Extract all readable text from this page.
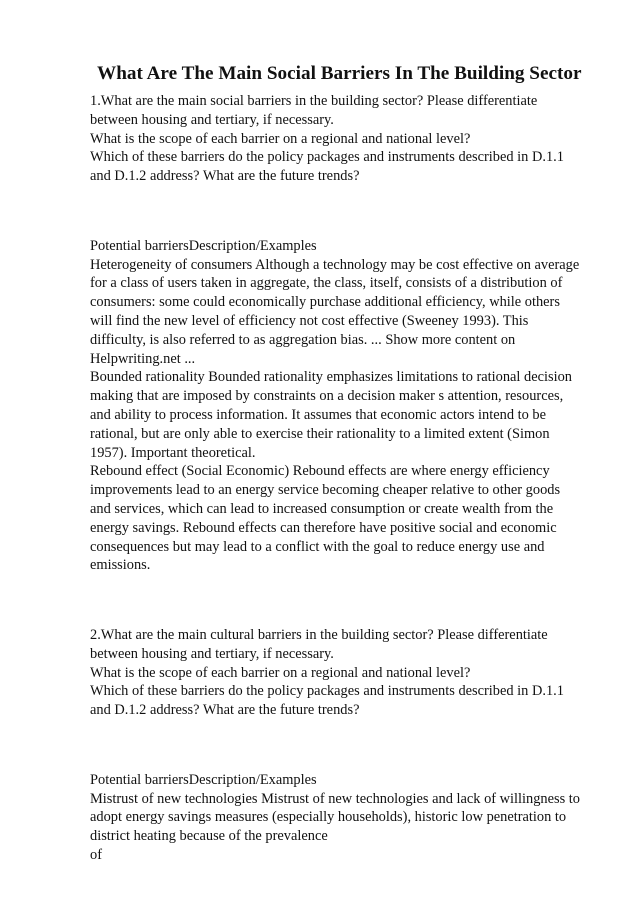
What Are The Main Social Barriers In The Building Sector

1.What are the main social barriers in the building sector? Please differentiate

between housing and tertiary, if necessary.

What is the scope of each barrier on a regional and national level?

Which of these barriers do the policy packages and instruments described in D.1.1

and D.1.2 address? What are the future trends?

Potential barriersDescription/Examples

Heterogeneity of consumers Although a technology may be cost effective on average

for a class of users taken in aggregate, the class, itself, consists of a distribution of

consumers: some could economically purchase additional efficiency, while others

will find the new level of efficiency not cost effective (Sweeney 1993). This

difficulty, is also referred to as aggregation bias. ... Show more content on

Helpwriting.net ...

Bounded rationality Bounded rationality emphasizes limitations to rational decision

making that are imposed by constraints on a decision maker s attention, resources,

and ability to process information. It assumes that economic actors intend to be

rational, but are only able to exercise their rationality to a limited extent (Simon

1957). Important theoretical.

Rebound effect (Social Economic) Rebound effects are where energy efficiency

improvements lead to an energy service becoming cheaper relative to other goods

and services, which can lead to increased consumption or create wealth from the

energy savings. Rebound effects can therefore have positive social and economic

consequences but may lead to a conflict with the goal to reduce energy use and

emissions.

2.What are the main cultural barriers in the building sector? Please differentiate

between housing and tertiary, if necessary.

What is the scope of each barrier on a regional and national level?

Which of these barriers do the policy packages and instruments described in D.1.1

and D.1.2 address? What are the future trends?

Potential barriersDescription/Examples

Mistrust of new technologies Mistrust of new technologies and lack of willingness to

adopt energy savings measures (especially households), historic low penetration to

district heating because of the prevalence

of
